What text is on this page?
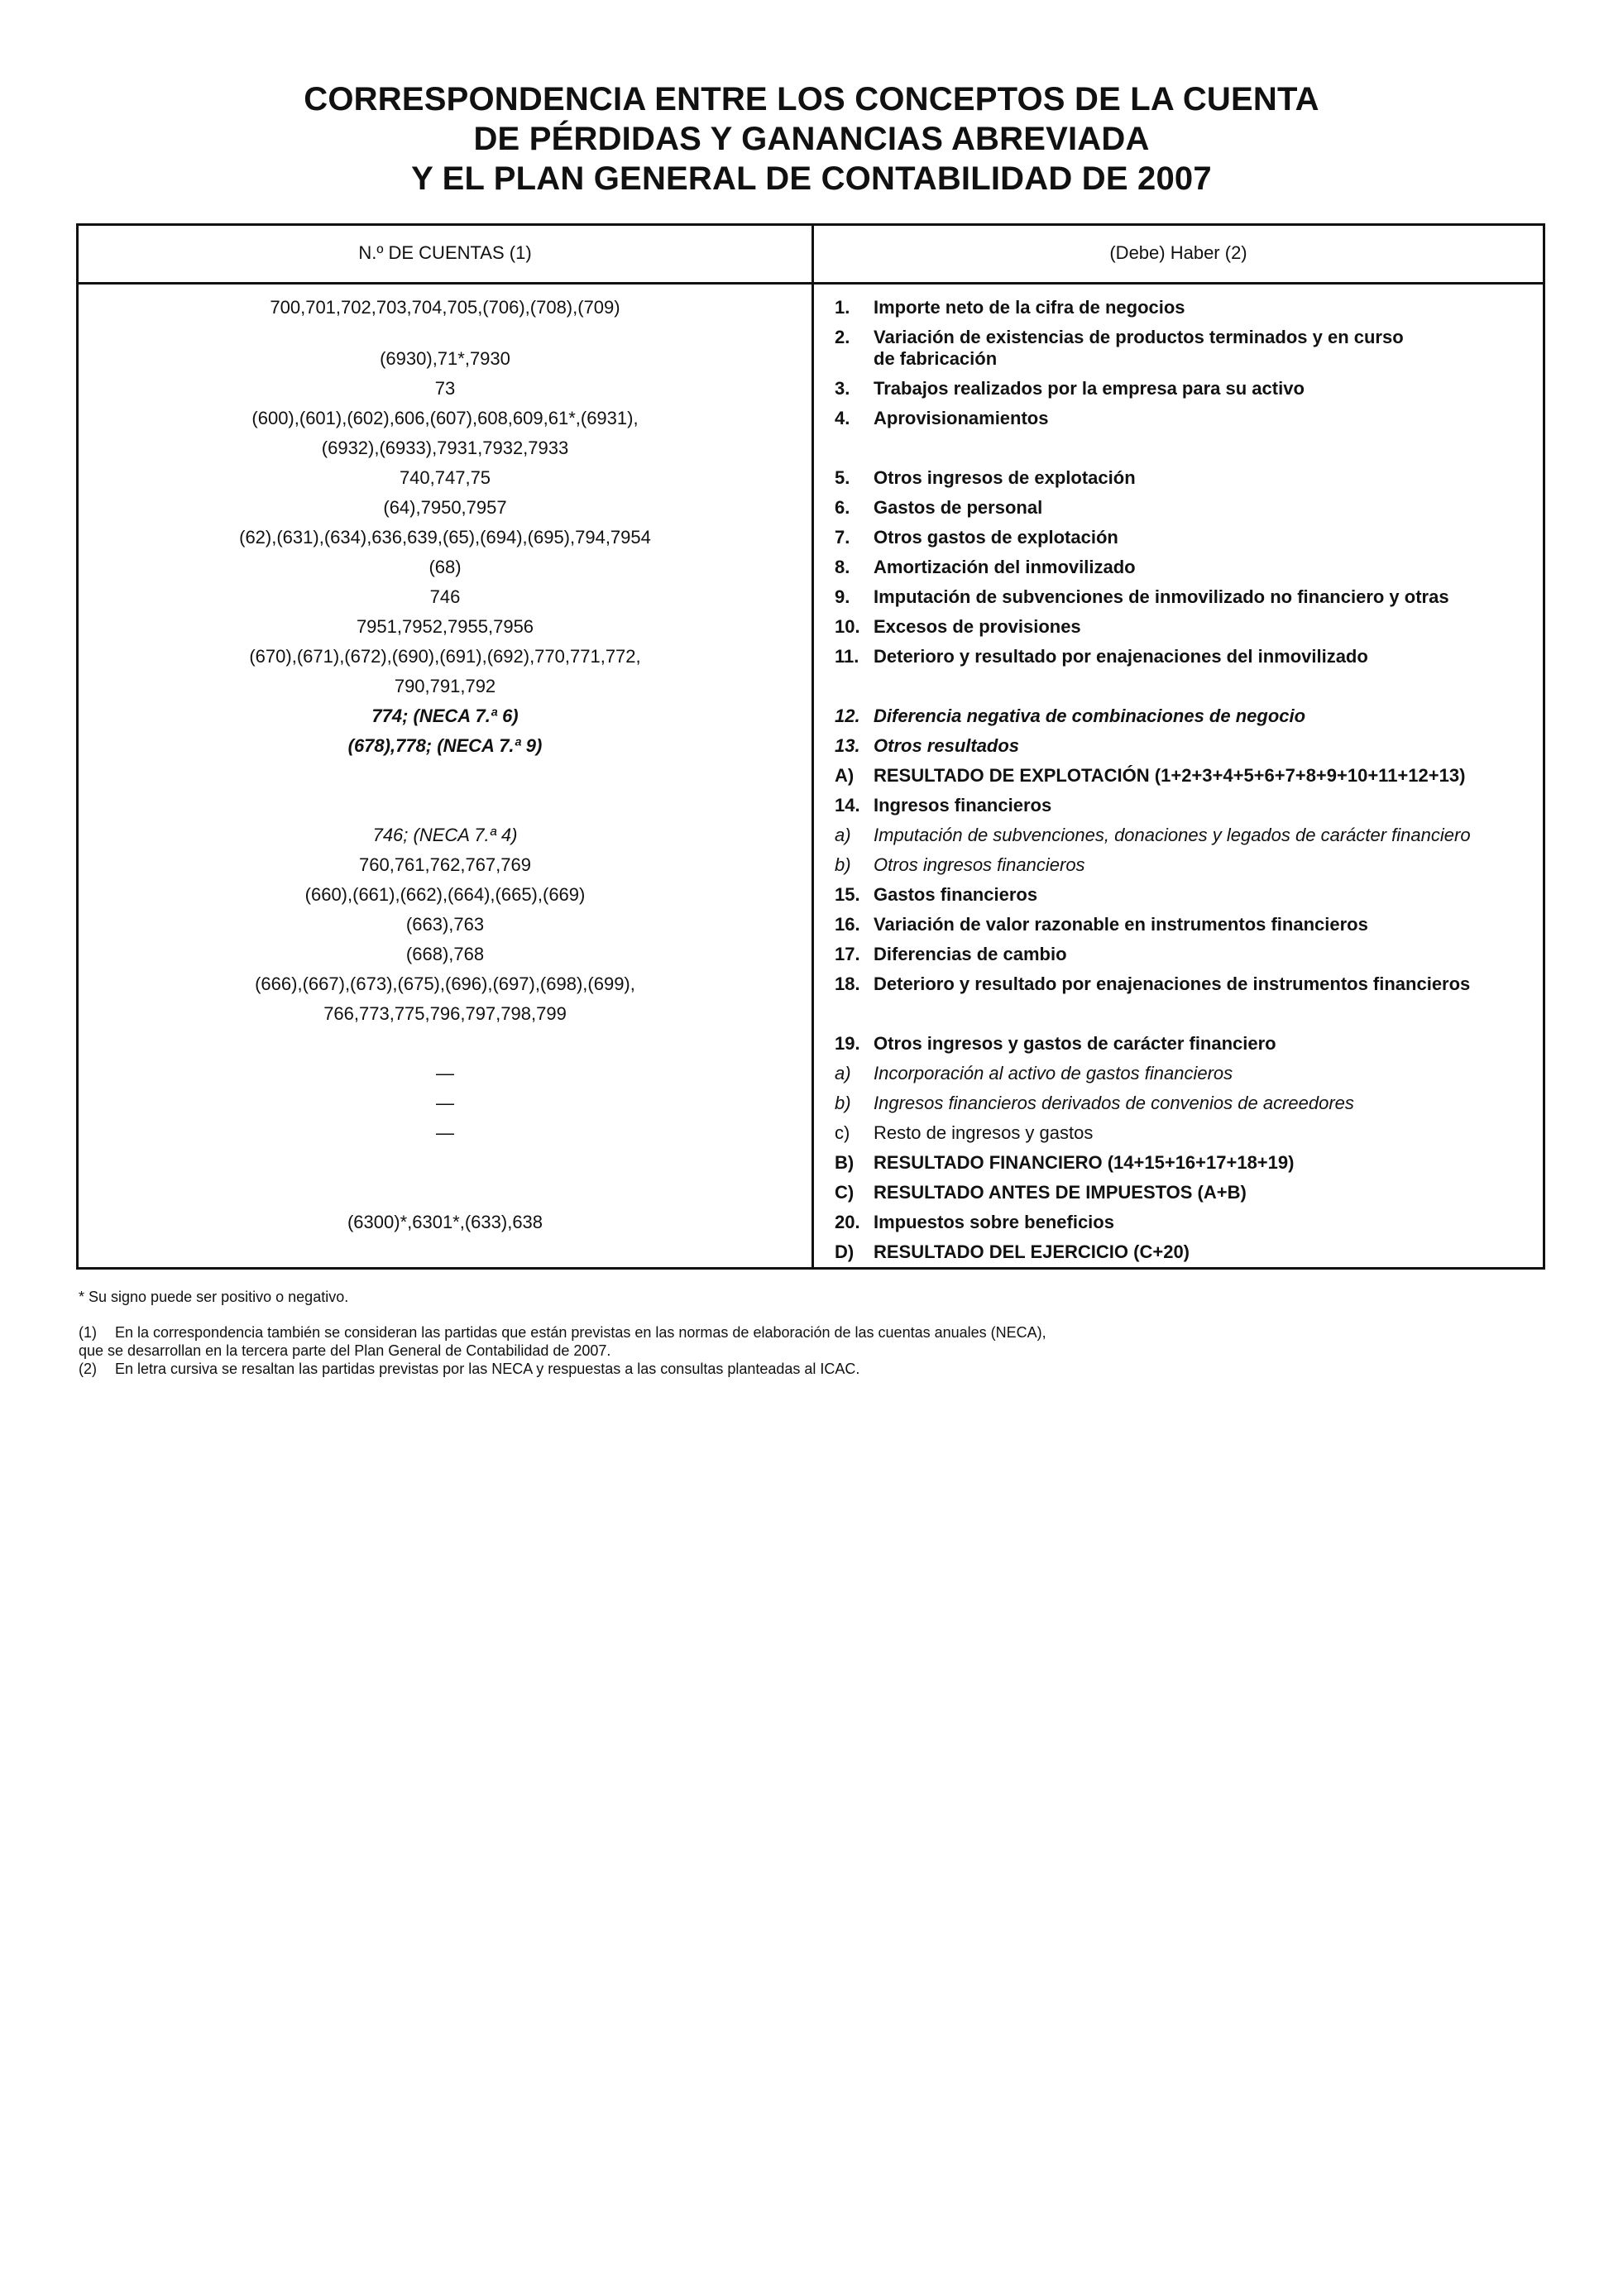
CORRESPONDENCIA ENTRE LOS CONCEPTOS DE LA CUENTA
DE PÉRDIDAS Y GANANCIAS ABREVIADA
Y EL PLAN GENERAL DE CONTABILIDAD DE 2007
N.º DE CUENTAS (1)	(Debe) Haber (2)
700,701,702,703,704,705,(706),(708),(709)
(6930),71*,7930
73
(600),(601),(602),606,(607),608,609,61*,(6931),
(6932),(6933),7931,7932,7933
740,747,75
(64),7950,7957
(62),(631),(634),636,639,(65),(694),(695),794,7954
(68)
746
7951,7952,7955,7956
(670),(671),(672),(690),(691),(692),770,771,772,
790,791,792
774; (NECA 7.ª 6)
(678),778; (NECA 7.ª 9)
746; (NECA 7.ª 4)
760,761,762,767,769
(660),(661),(662),(664),(665),(669)
(663),763
(668),768
(666),(667),(673),(675),(696),(697),(698),(699),
766,773,775,796,797,798,799
—
—
—
(6300)*,6301*,(633),638
1. Importe neto de la cifra de negocios
2. Variación de existencias de productos terminados y en curso
de fabricación
3. Trabajos realizados por la empresa para su activo
4. Aprovisionamientos
5. Otros ingresos de explotación
6. Gastos de personal
7. Otros gastos de explotación
8. Amortización del inmovilizado
9. Imputación de subvenciones de inmovilizado no financiero y otras
10. Excesos de provisiones
11. Deterioro y resultado por enajenaciones del inmovilizado
12. Diferencia negativa de combinaciones de negocio
13. Otros resultados
A) RESULTADO DE EXPLOTACIÓN (1+2+3+4+5+6+7+8+9+10+11+12+13)
14. Ingresos financieros
a) Imputación de subvenciones, donaciones y legados de carácter financiero
b) Otros ingresos financieros
15. Gastos financieros
16. Variación de valor razonable en instrumentos financieros
17. Diferencias de cambio
18. Deterioro y resultado por enajenaciones de instrumentos financieros
19. Otros ingresos y gastos de carácter financiero
a) Incorporación al activo de gastos financieros
b) Ingresos financieros derivados de convenios de acreedores
c) Resto de ingresos y gastos
B) RESULTADO FINANCIERO (14+15+16+17+18+19)
C) RESULTADO ANTES DE IMPUESTOS (A+B)
20. Impuestos sobre beneficios
D) RESULTADO DEL EJERCICIO (C+20)
* Su signo puede ser positivo o negativo.
(1) En la correspondencia también se consideran las partidas que están previstas en las normas de elaboración de las cuentas anuales (NECA),
que se desarrollan en la tercera parte del Plan General de Contabilidad de 2007.
(2) En letra cursiva se resaltan las partidas previstas por las NECA y respuestas a las consultas planteadas al ICAC.
